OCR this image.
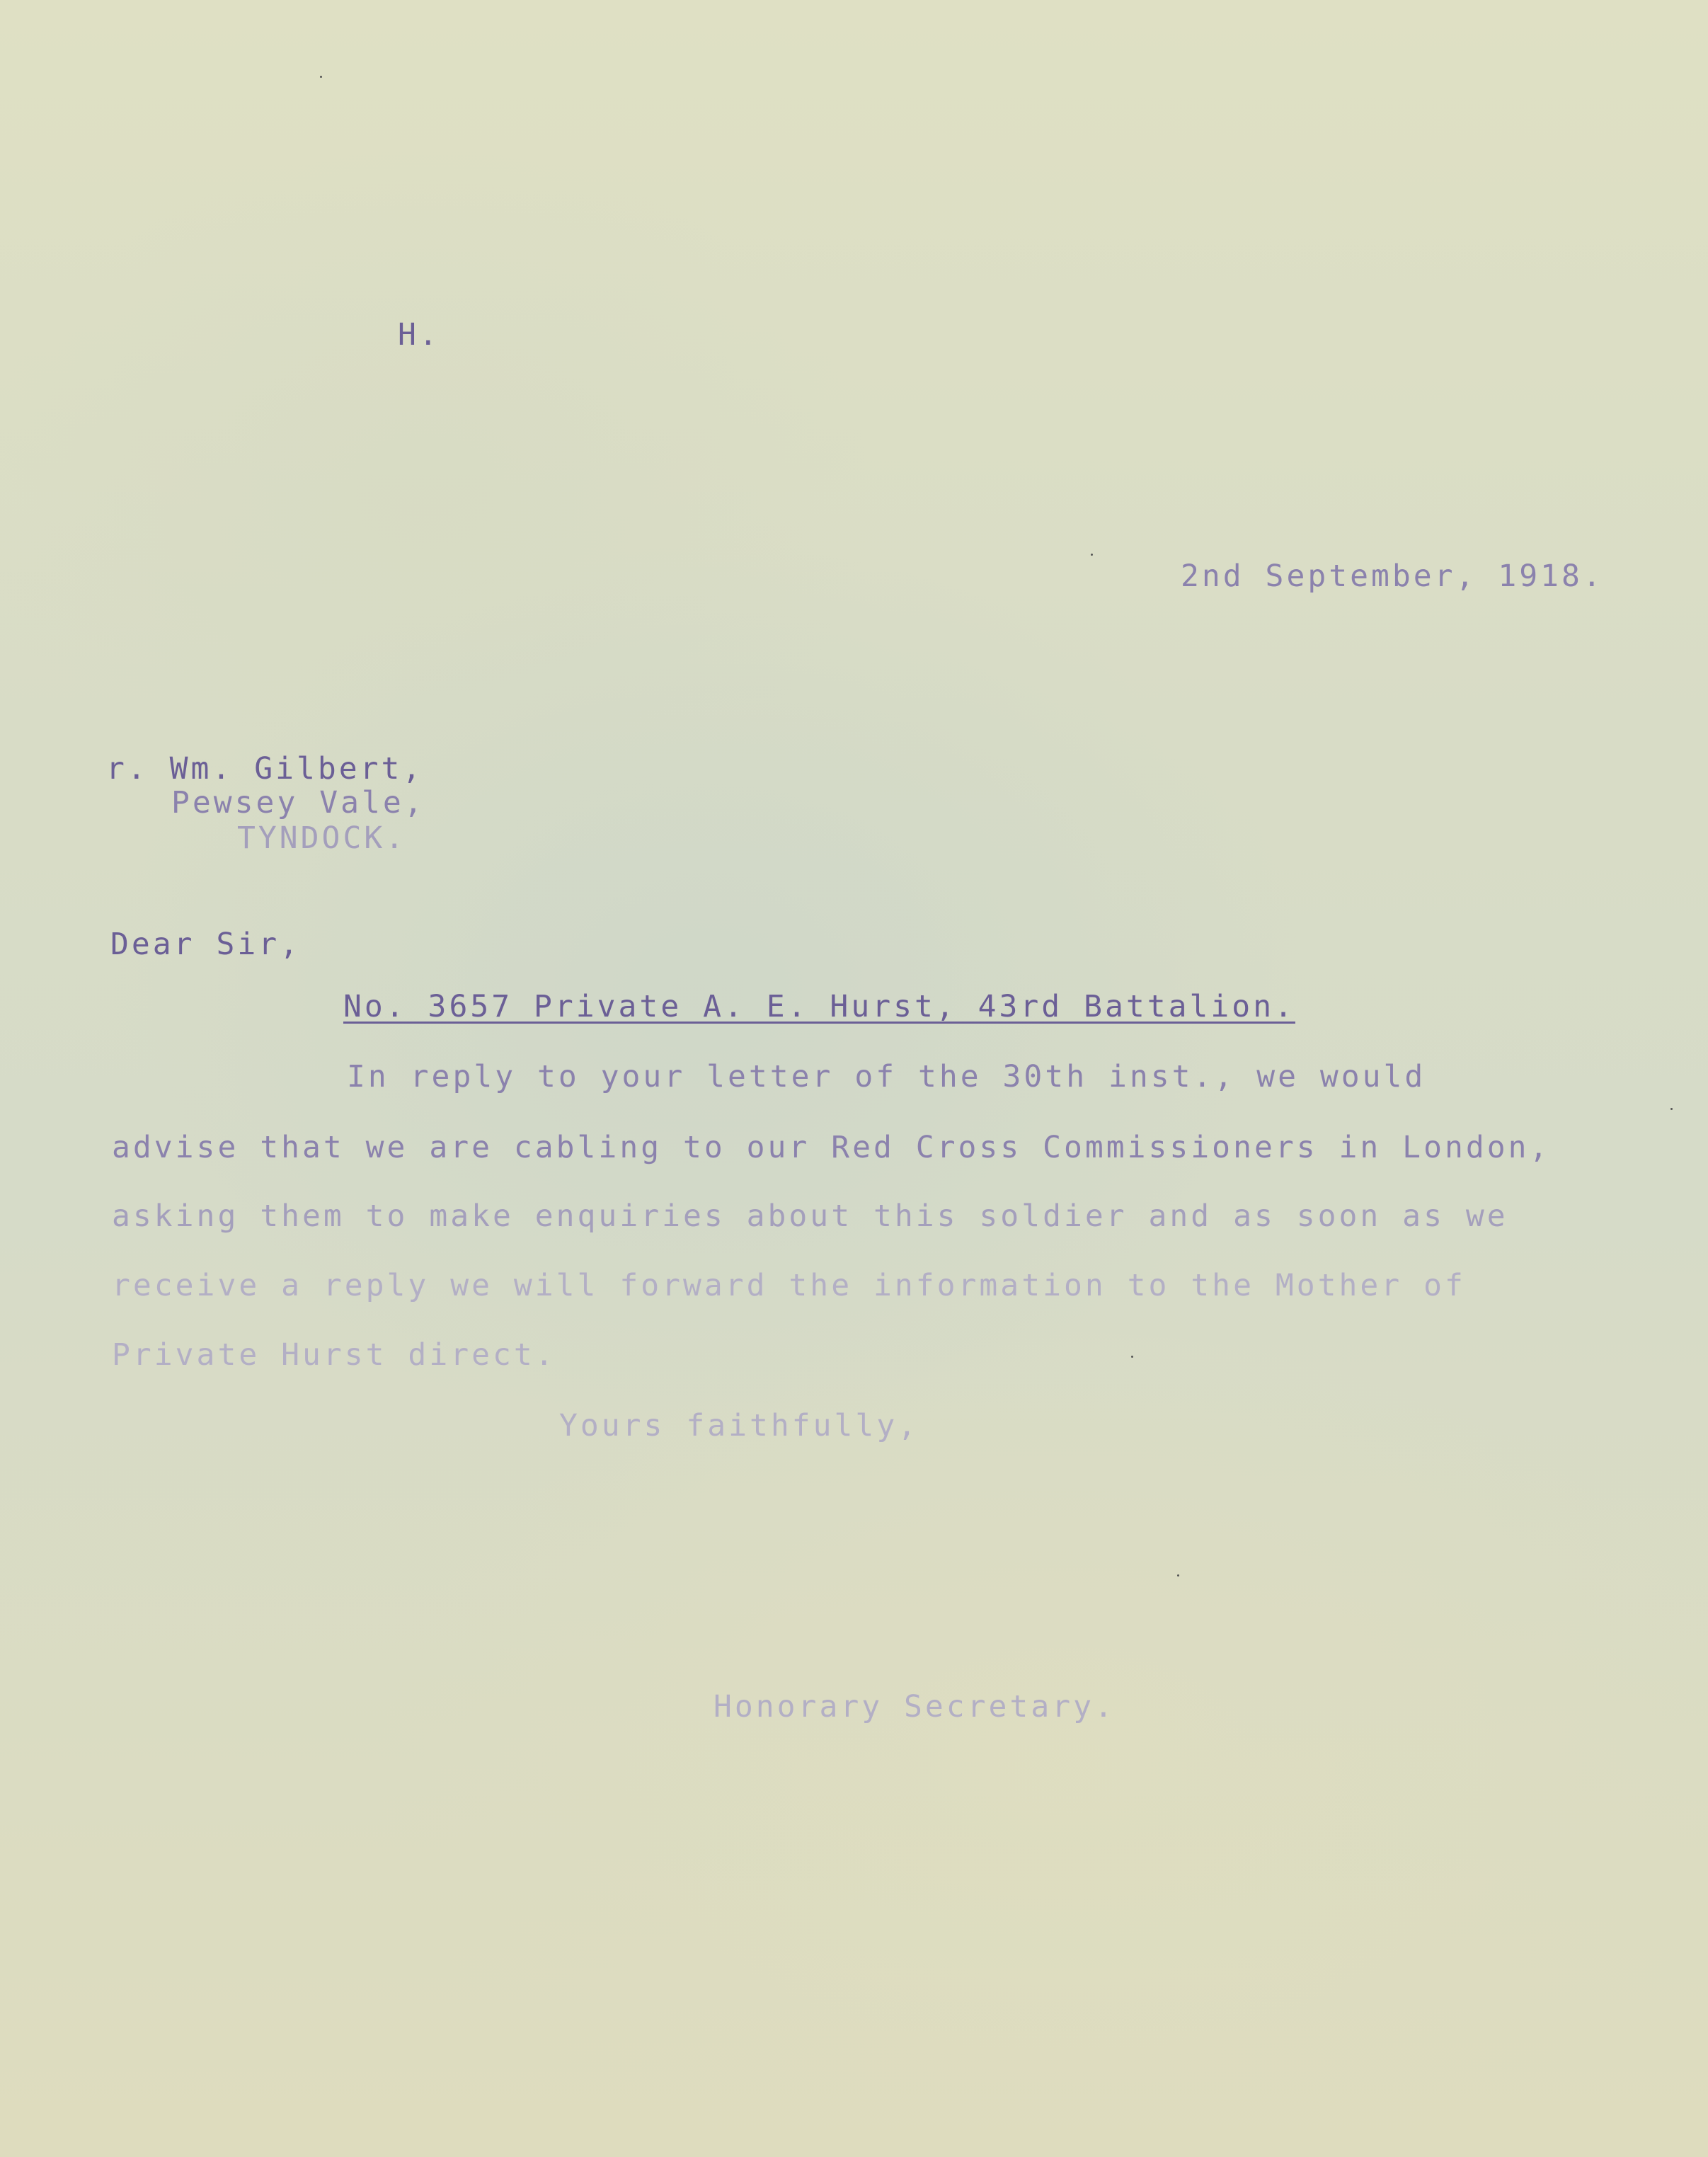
H.

2nd September, 1918.

r. Wm. Gilbert,

Pewsey Vale,

TYNDOCK.

Dear Sir,

No. 3657 Private A. E. Hurst, 43rd Battalion.

In reply to your letter of the 30th inst., we would

advise that we are cabling to our Red Cross Commissioners in London,

asking them to make enquiries about this soldier and as soon as we

receive a reply we will forward the information to the Mother of

Private Hurst direct.

Yours faithfully,

Honorary Secretary.
